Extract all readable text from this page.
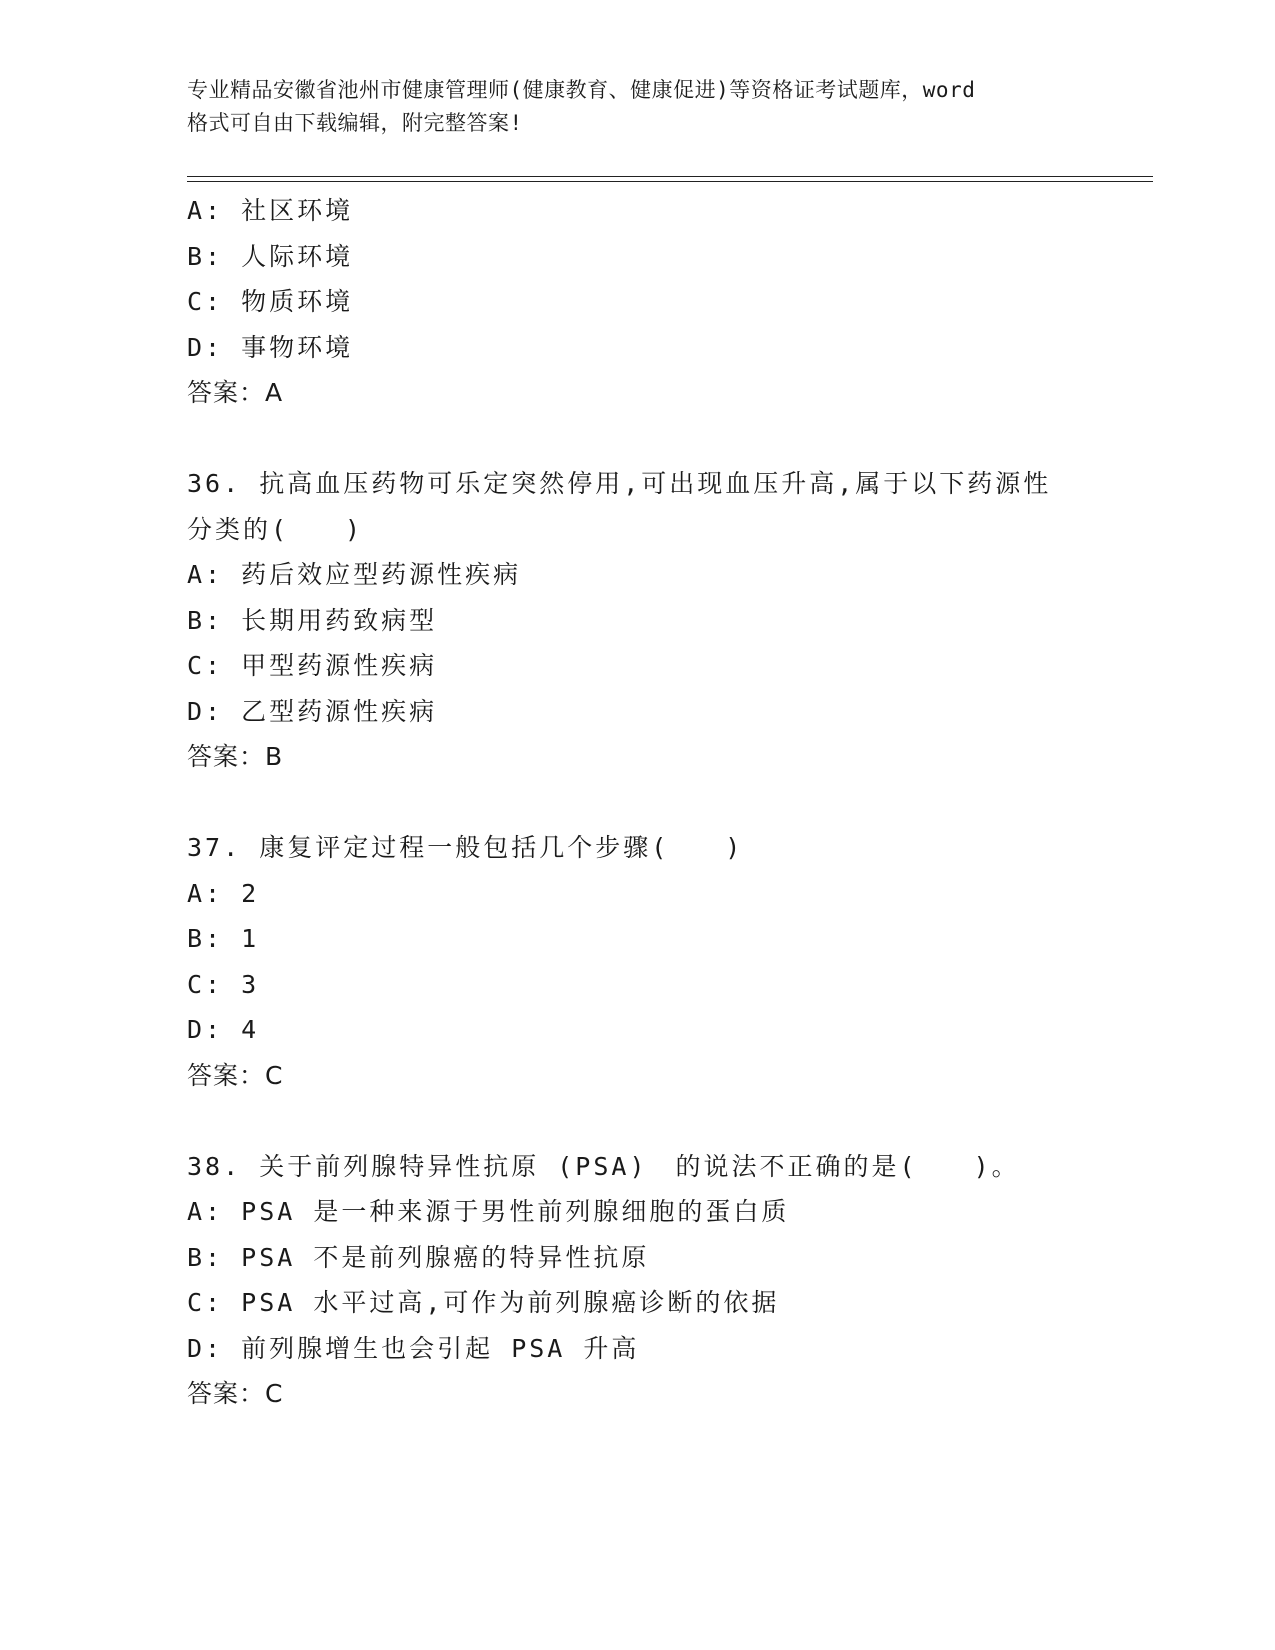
专业精品安徽省池州市健康管理师(健康教育、健康促进)等资格证考试题库，word
格式可自由下载编辑，附完整答案!
A: 社区环境
B: 人际环境
C: 物质环境
D: 事物环境
答案：A
36. 抗高血压药物可乐定突然停用,可出现血压升高,属于以下药源性
分类的(　　)
A: 药后效应型药源性疾病
B: 长期用药致病型
C: 甲型药源性疾病
D: 乙型药源性疾病
答案：B
37. 康复评定过程一般包括几个步骤(　　)
A: 2
B: 1
C: 3
D: 4
答案：C
38. 关于前列腺特异性抗原 (PSA)　的说法不正确的是(　　)。
A: PSA 是一种来源于男性前列腺细胞的蛋白质
B: PSA 不是前列腺癌的特异性抗原
C: PSA 水平过高,可作为前列腺癌诊断的依据
D: 前列腺增生也会引起 PSA 升高
答案：C
